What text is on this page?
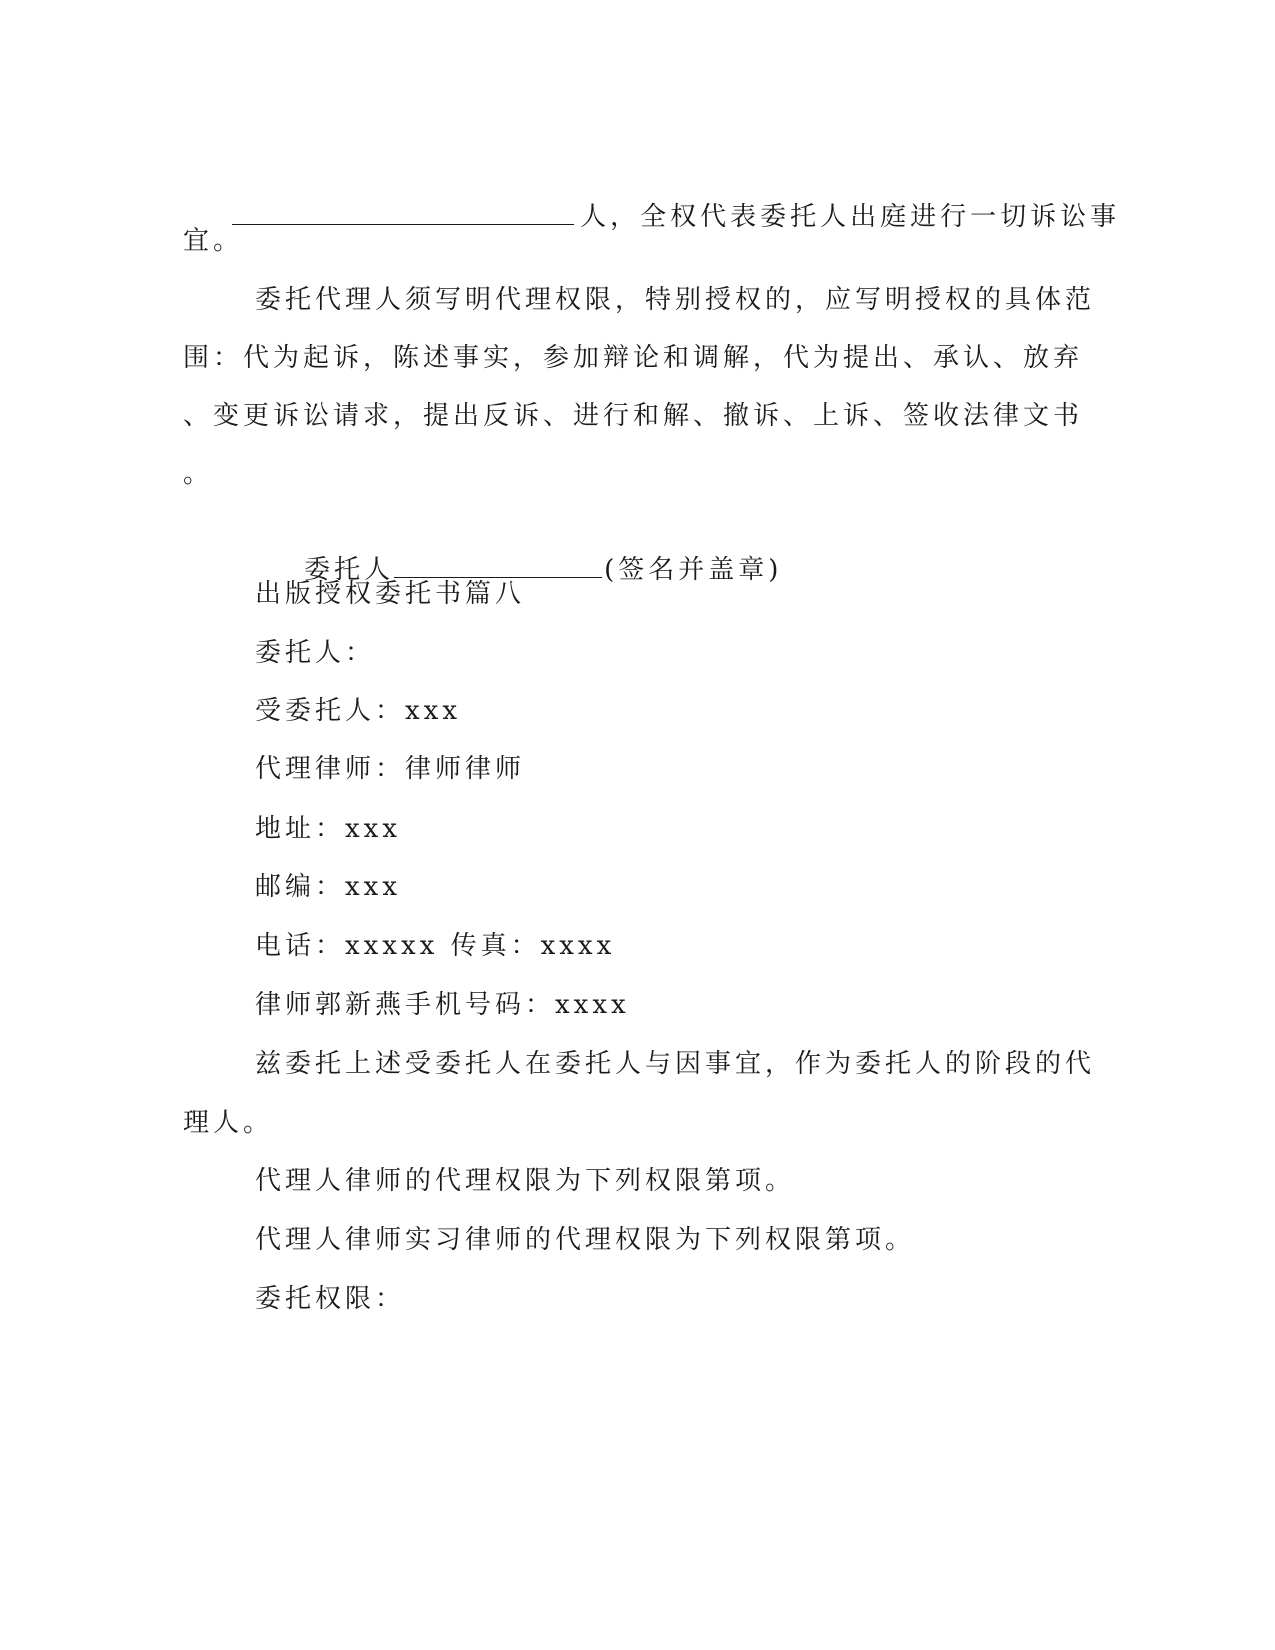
人，全权代表委托人出庭进行一切诉讼事

宜。
委托代理人须写明代理权限，特别授权的，应写明授权的具体范
围：代为起诉，陈述事实，参加辩论和调解，代为提出、承认、放弃
、变更诉讼请求，提出反诉、进行和解、撤诉、上诉、签收法律文书
。

委托人	(签名并盖章)

出版授权委托书篇八
委托人：
受委托人：xxx
代理律师：律师律师
地址：xxx
邮编：xxx
电话：xxxxx 传真：xxxx
律师郭新燕手机号码：xxxx
兹委托上述受委托人在委托人与因事宜，作为委托人的阶段的代
理人。
代理人律师的代理权限为下列权限第项。
代理人律师实习律师的代理权限为下列权限第项。
委托权限：
